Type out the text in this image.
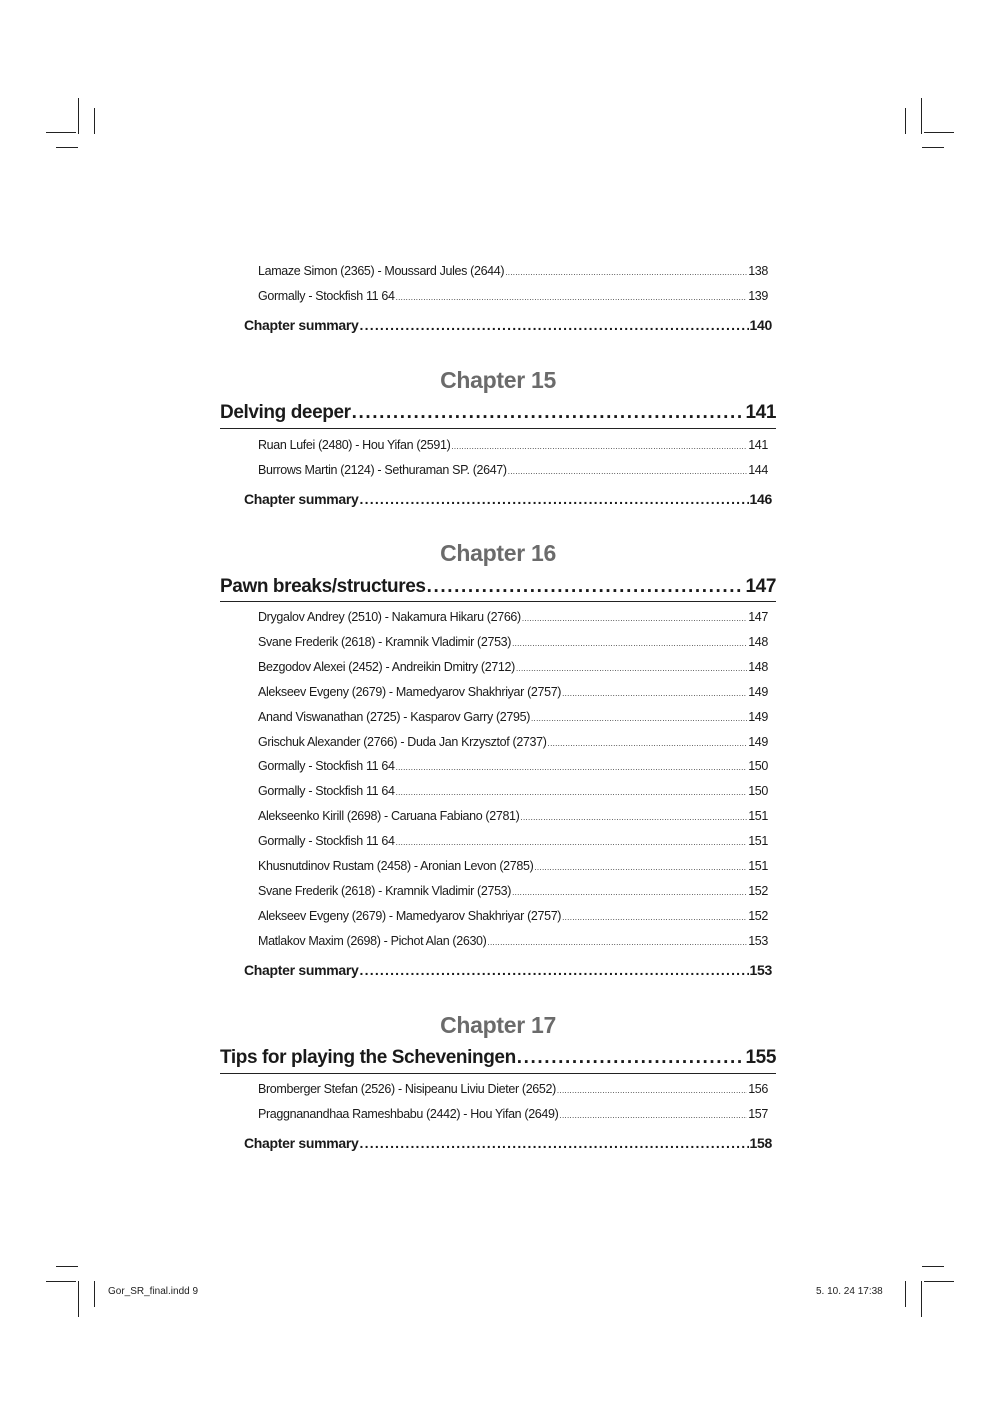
Lamaze Simon (2365) - Moussard Jules (2644) .....	138
Gormally - Stockfish 11 64 .....	139
Chapter summary .....	140
Chapter 15
Delving deeper .....	141
Ruan Lufei (2480) - Hou Yifan (2591) .....	141
Burrows Martin (2124) - Sethuraman SP. (2647) .....	144
Chapter summary .....	146
Chapter 16
Pawn breaks/structures .....	147
Drygalov Andrey (2510) - Nakamura Hikaru (2766) .....	147
Svane Frederik (2618) - Kramnik Vladimir (2753) .....	148
Bezgodov Alexei (2452) - Andreikin Dmitry (2712) .....	148
Alekseev Evgeny (2679) - Mamedyarov Shakhriyar (2757) .....	149
Anand Viswanathan (2725) - Kasparov Garry (2795) .....	149
Grischuk Alexander (2766) - Duda Jan Krzysztof (2737) .....	149
Gormally - Stockfish 11 64 .....	150
Gormally - Stockfish 11 64 .....	150
Alekseenko Kirill (2698) - Caruana Fabiano (2781) .....	151
Gormally - Stockfish 11 64 .....	151
Khusnutdinov Rustam (2458) - Aronian Levon (2785) .....	151
Svane Frederik (2618) - Kramnik Vladimir (2753) .....	152
Alekseev Evgeny (2679) - Mamedyarov Shakhriyar (2757) .....	152
Matlakov Maxim (2698) - Pichot Alan (2630) .....	153
Chapter summary .....	153
Chapter 17
Tips for playing the Scheveningen .....	155
Bromberger Stefan (2526) - Nisipeanu Liviu Dieter (2652) .....	156
Praggnanandhaa Rameshbabu (2442) - Hou Yifan (2649) .....	157
Chapter summary .....	158
Gor_SR_final.indd 9	5. 10. 24 17:38
